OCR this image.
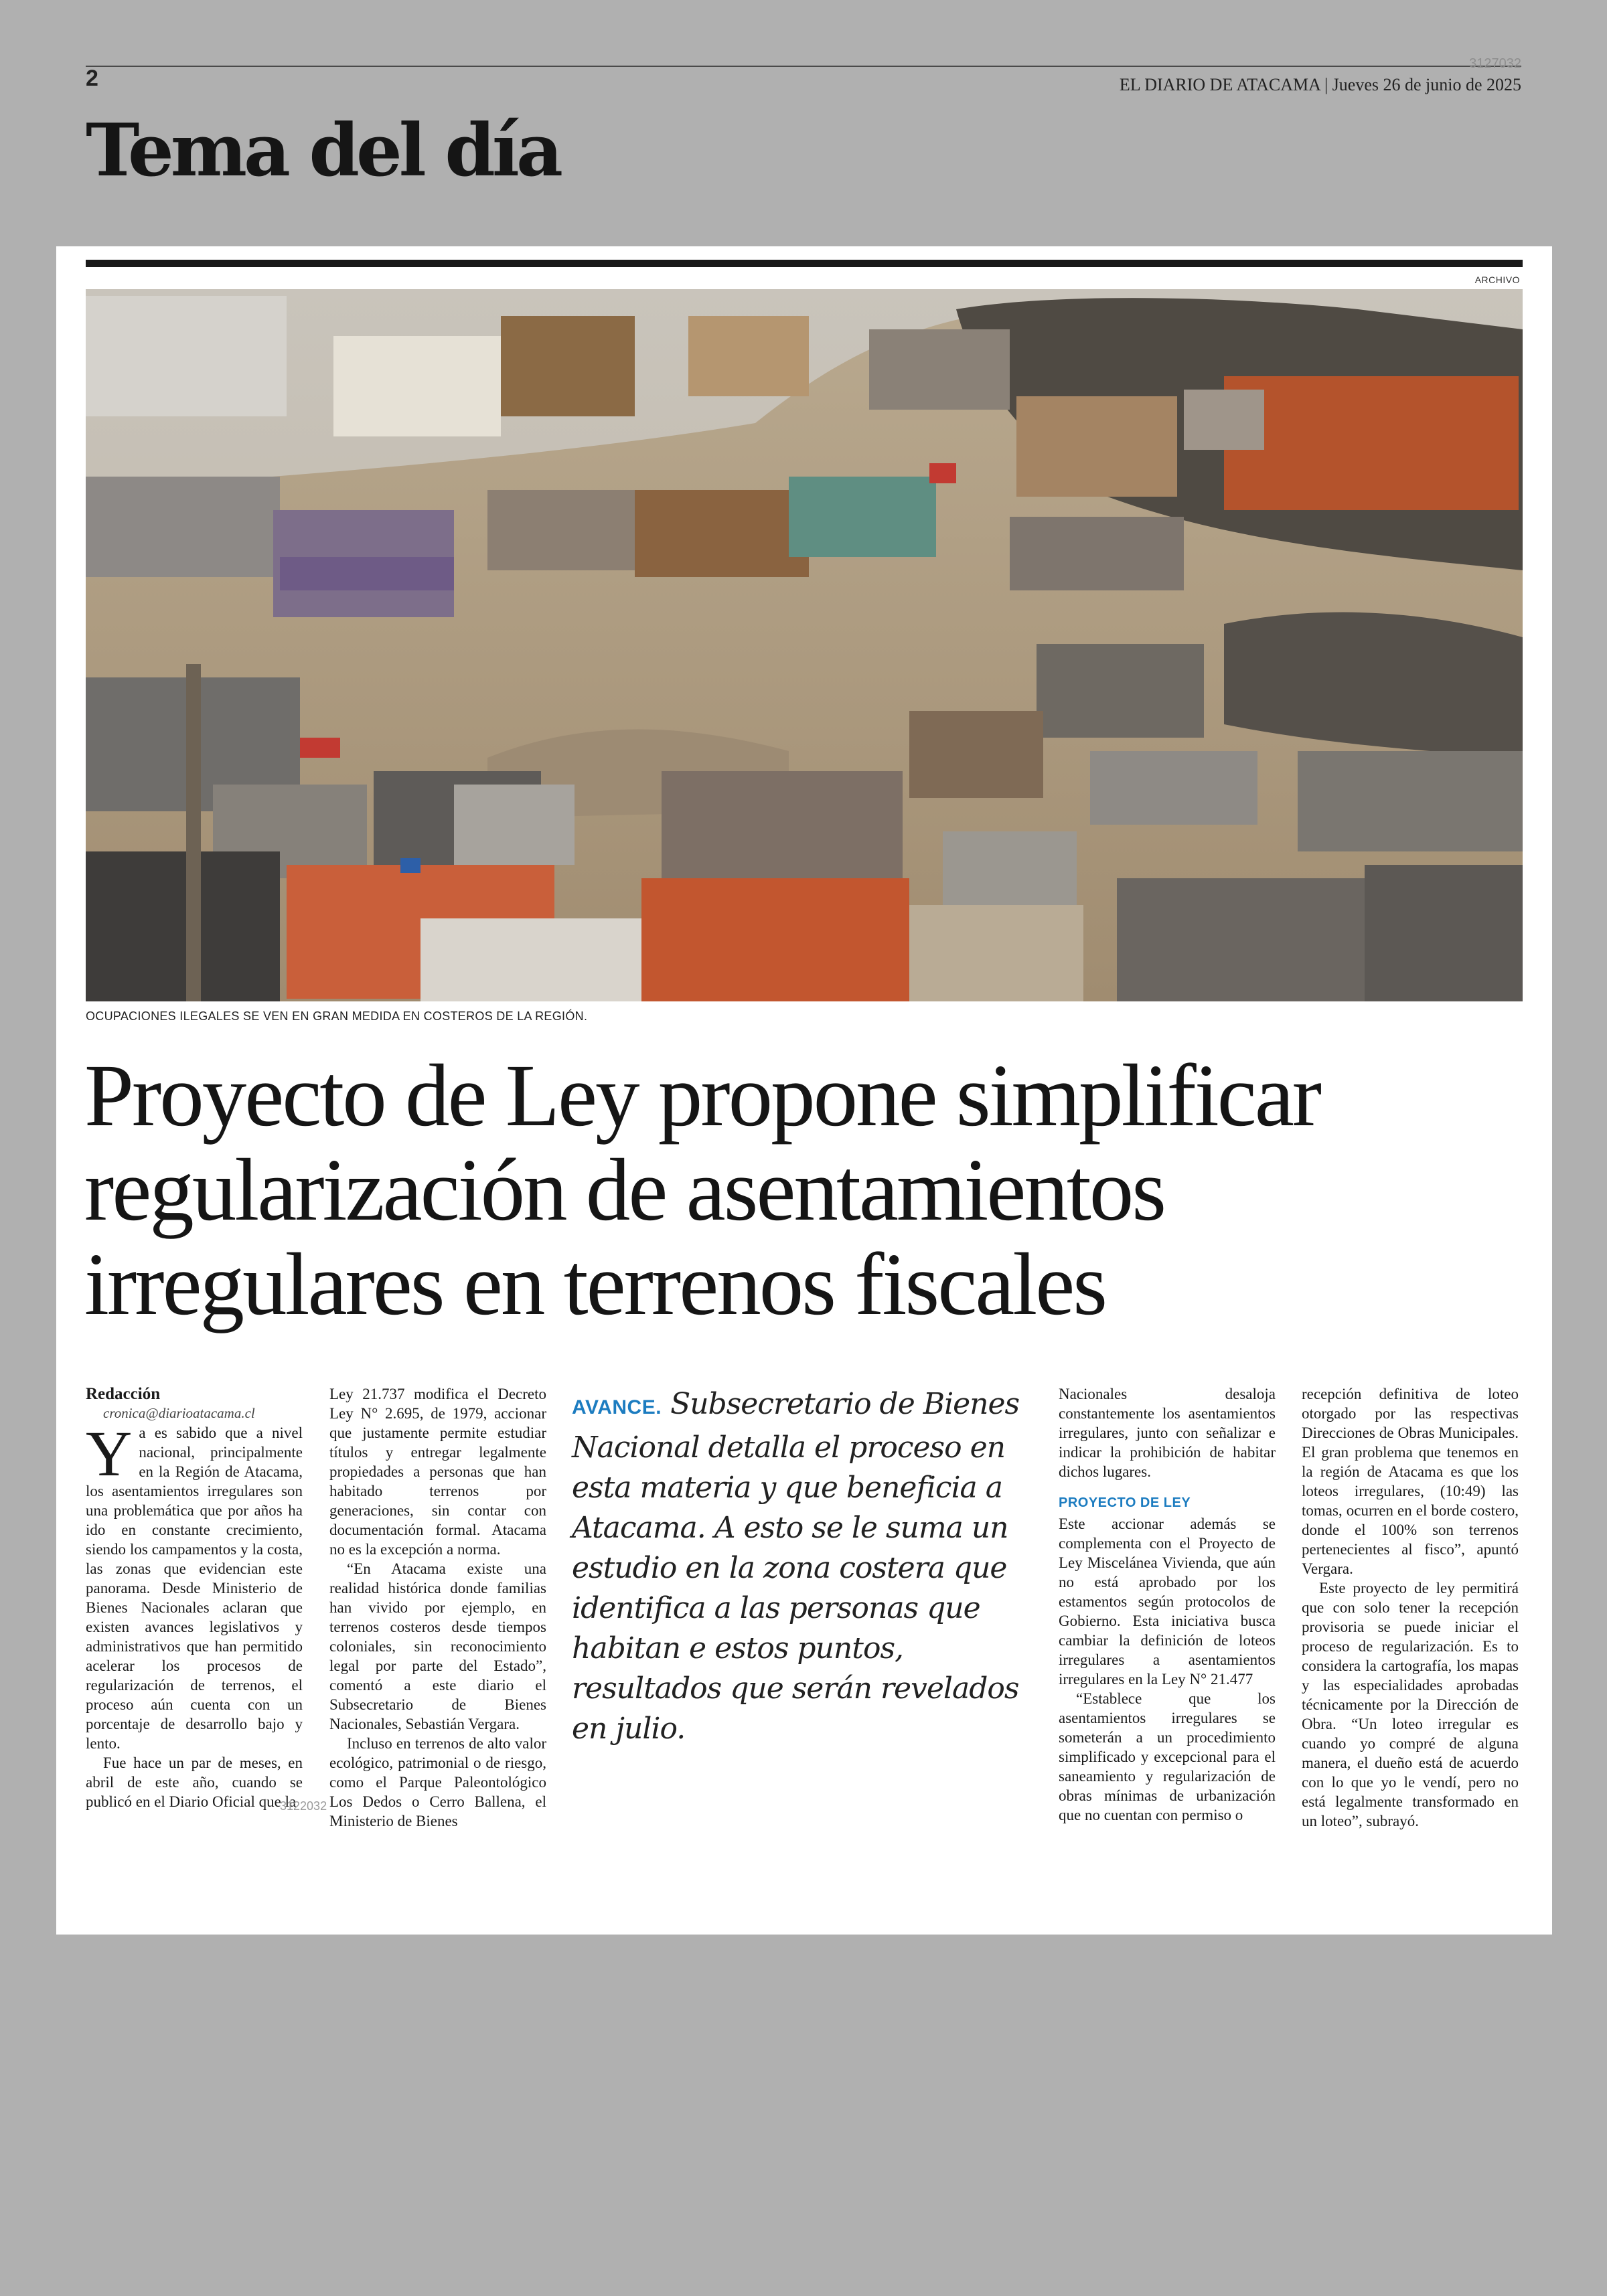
2
3127032
EL DIARIO DE ATACAMA | Jueves 26 de junio de 2025
Tema del día
ARCHIVO
OCUPACIONES ILEGALES SE VEN EN GRAN MEDIDA EN COSTEROS DE LA REGIÓN.
Proyecto de Ley propone simplificar regularización de asentamientos irregulares en terrenos fiscales

Redacción

cronica@diarioatacama.cl

Ya es sabido que a nivel nacional, principalmente en la Región de Atacama, los asentamientos irregulares son una problemática que por años ha ido en constante crecimiento, siendo los campamentos y la costa, las zonas que evidencian este panorama. Desde Ministerio de Bienes Nacionales aclaran que existen avances legislativos y administrativos que han permitido acelerar los procesos de regularización de terrenos, el proceso aún cuenta con un porcentaje de desarrollo bajo y lento.

Fue hace un par de meses, en abril de este año, cuando se publicó en el Diario Oficial que la

Ley 21.737 modifica el Decreto Ley N° 2.695, de 1979, accionar que justamente permite estudiar títulos y entregar legalmente propiedades a personas que han habitado terrenos por generaciones, sin contar con documentación formal. Atacama no es la excepción a norma.

“En Atacama existe una realidad histórica donde familias han vivido por ejemplo, en terrenos costeros desde tiempos coloniales, sin reconocimiento legal por parte del Estado”, comentó a este diario el Subsecretario de Bienes Nacionales, Sebastián Vergara.

Incluso en terrenos de alto valor ecológico, patrimonial o de riesgo, como el Parque Paleontológico Los Dedos o Cerro Ballena, el Ministerio de Bienes

AVANCE. Subsecretario de Bienes Nacional detalla el proceso en esta materia y que beneficia a Atacama. A esto se le suma un estudio en la zona costera que identifica a las personas que habitan e estos puntos, resultados que serán revelados en julio.

Nacionales desaloja constantemente los asentamientos irregulares, junto con señalizar e indicar la prohibición de habitar dichos lugares.

PROYECTO DE LEY

Este accionar además se complementa con el Proyecto de Ley Miscelánea Vivienda, que aún no está aprobado por los estamentos según protocolos de Gobierno. Esta iniciativa busca cambiar la definición de loteos irregulares a asentamientos irregulares en la Ley N° 21.477

“Establece que los asentamientos irregulares se someterán a un procedimiento simplificado y excepcional para el saneamiento y regularización de obras mínimas de urbanización que no cuentan con permiso o

recepción definitiva de loteo otorgado por las respectivas Direcciones de Obras Municipales. El gran problema que tenemos en la región de Atacama es que los loteos irregulares, (10:49) las tomas, ocurren en el borde costero, donde el 100% son terrenos pertenecientes al fisco”, apuntó Vergara.

Este proyecto de ley permitirá que con solo tener la recepción provisoria se puede iniciar el proceso de regularización. Es to considera la cartografía, los mapas y las especialidades aprobadas técnicamente por la Dirección de Obra. “Un loteo irregular es cuando yo compré de alguna manera, el dueño está de acuerdo con lo que yo le vendí, pero no está legalmente transformado en un loteo”, subrayó.

3122032
